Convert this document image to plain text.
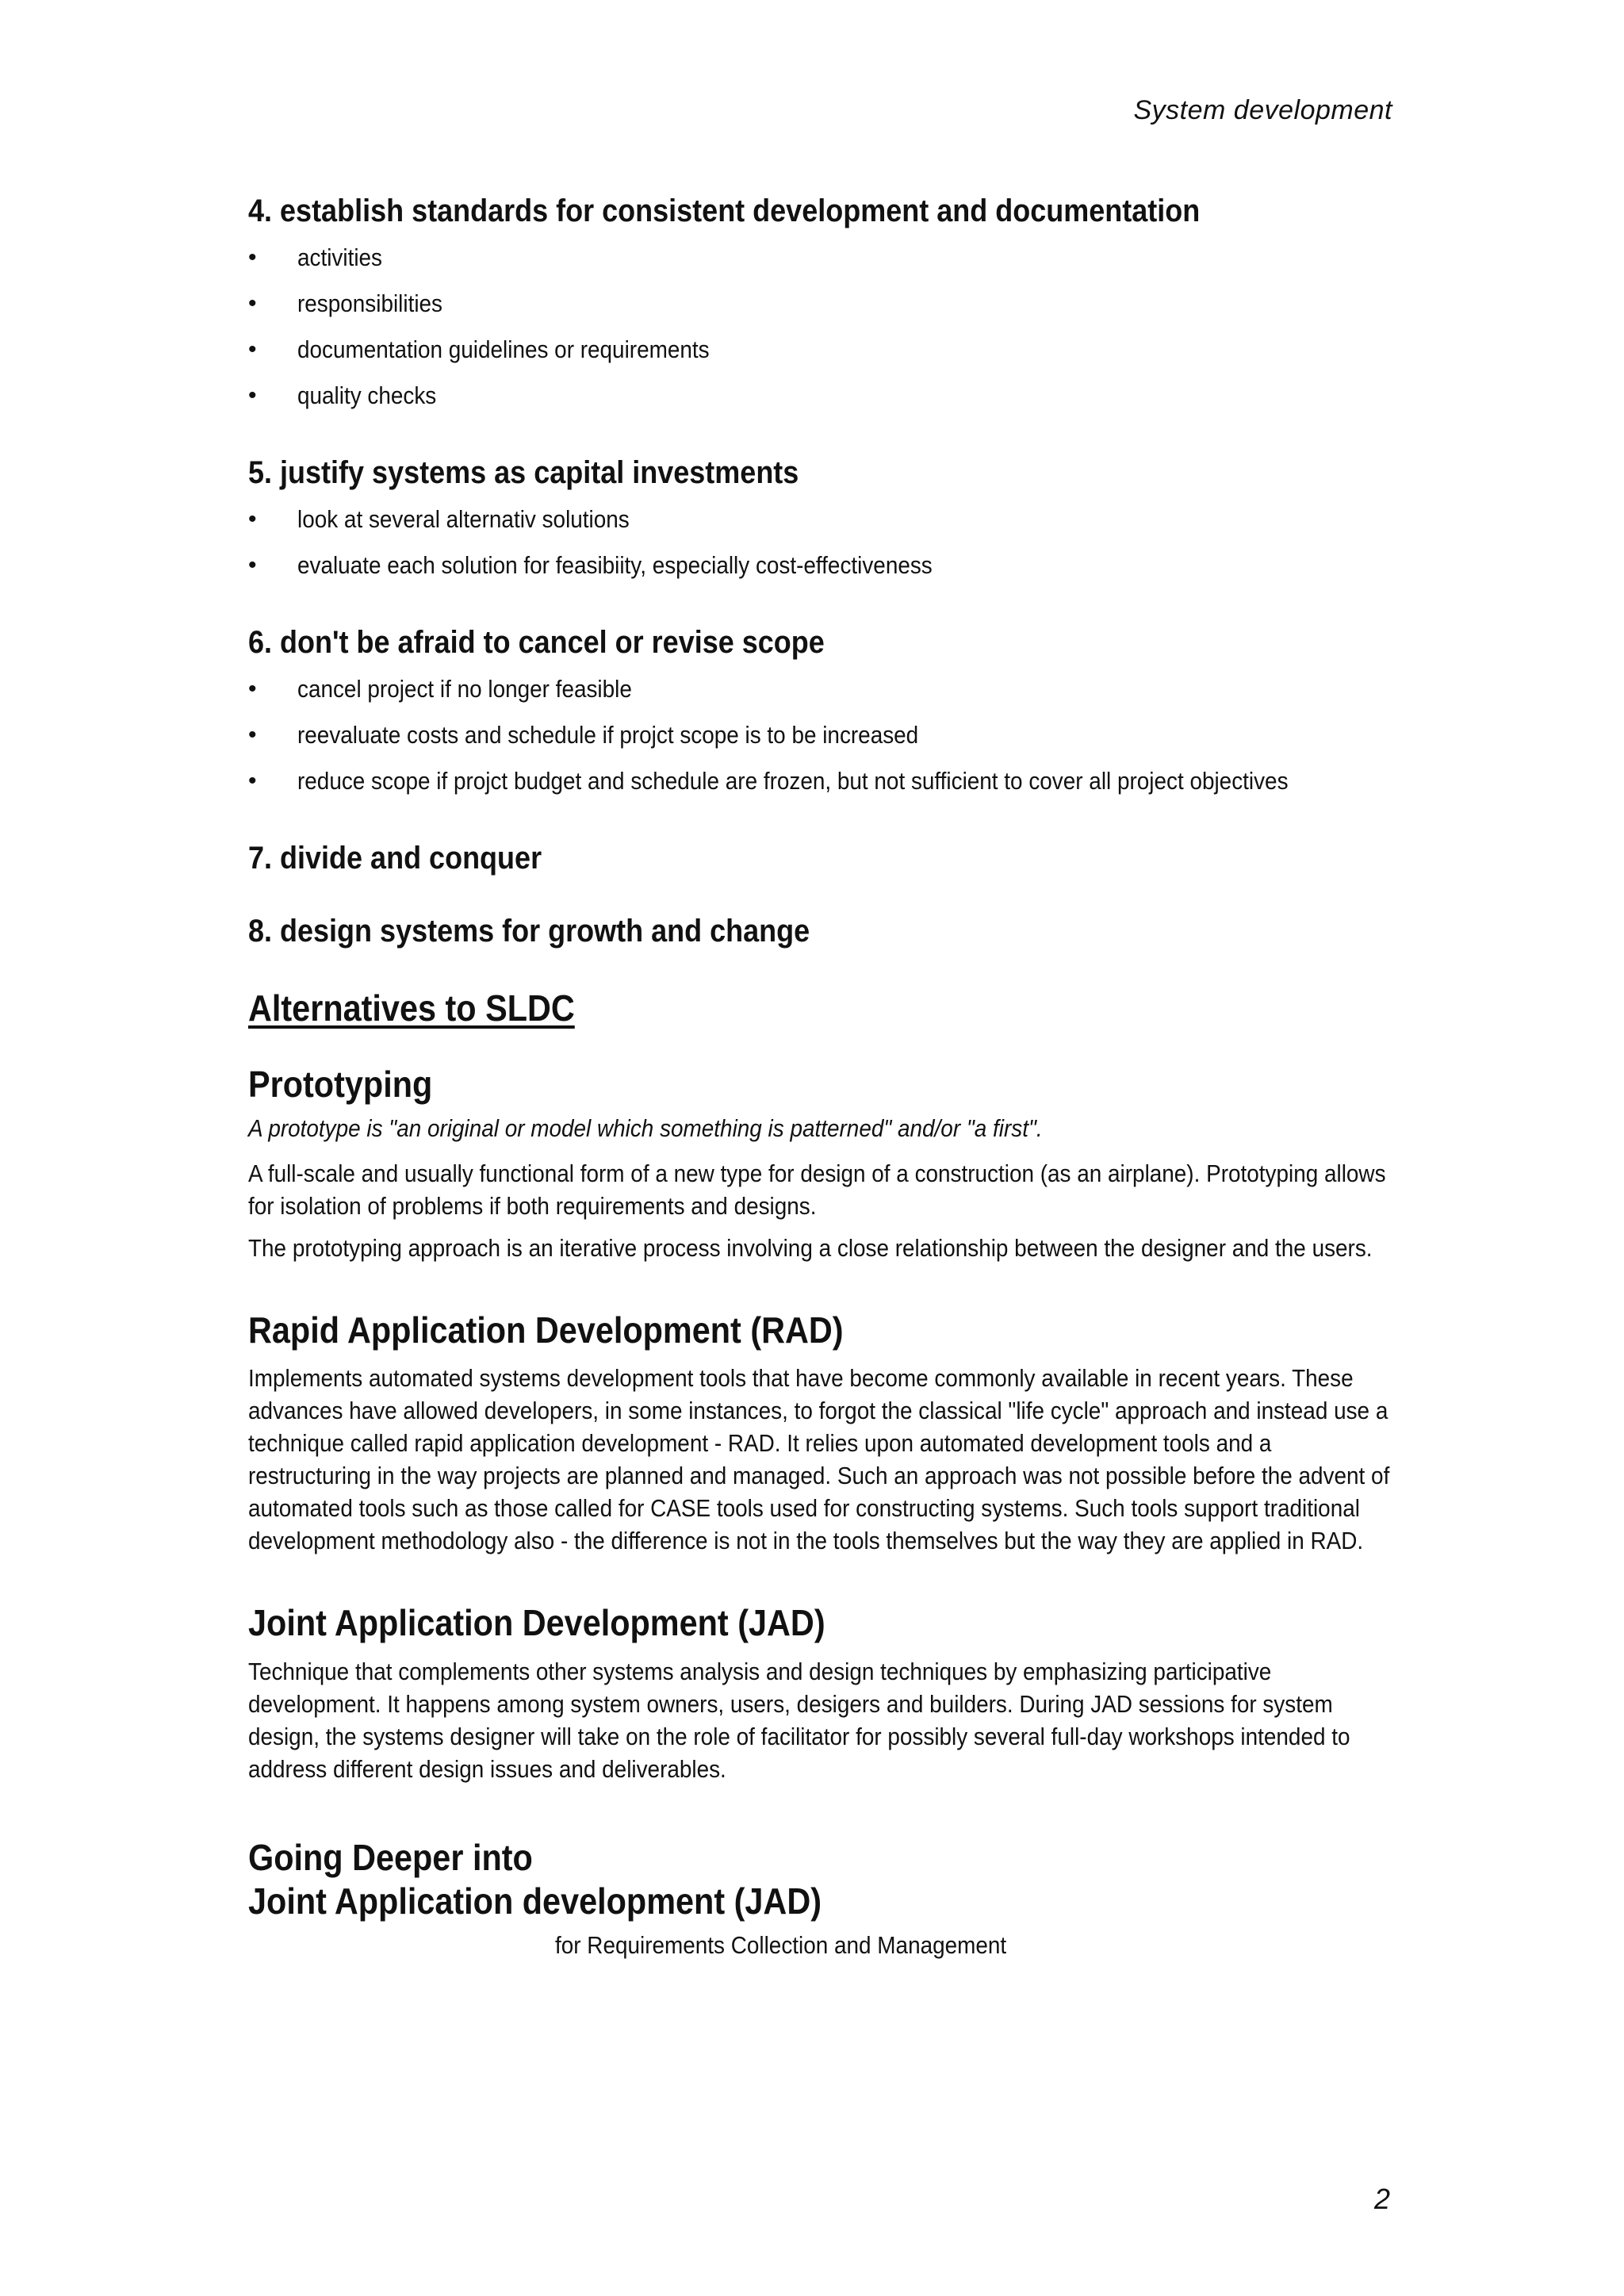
System development
4. establish standards for consistent development and documentation
• activities
• responsibilities
• documentation guidelines or requirements
• quality checks
5. justify systems as capital investments
• look at several alternativ solutions
• evaluate each solution for feasibiity, especially cost-effectiveness
6. don't be afraid to cancel or revise scope
• cancel project if no longer feasible
• reevaluate costs and schedule if projct scope is to be increased
• reduce scope if projct budget and schedule are frozen, but not sufficient to cover all project objectives
7. divide and conquer
8. design systems for growth and change
Alternatives to SLDC
Prototyping

A prototype is "an original or model which something is patterned" and/or "a first".

A full-scale and usually functional form of a new type for design of a construction (as an airplane). Prototyping allows for isolation of problems if both requirements and designs.

The prototyping approach is an iterative process involving a close relationship between the designer and the users.

Rapid Application Development (RAD)

Implements automated systems development tools that have become commonly available in recent years. These advances have allowed developers, in some instances, to forgot the classical "life cycle" approach and instead use a technique called rapid application development - RAD. It relies upon automated development tools and a restructuring in the way projects are planned and managed. Such an approach was not possible before the advent of automated tools such as those called for CASE tools used for constructing systems. Such tools support traditional development methodology also - the difference is not in the tools themselves but the way they are applied in RAD.

Joint Application Development (JAD)

Technique that complements other systems analysis and design techniques by emphasizing participative development. It happens among system owners, users, desigers and builders. During JAD sessions for system design, the systems designer will take on the role of facilitator for possibly several full-day workshops intended to address different design issues and deliverables.

Going Deeper into
Joint Application development (JAD)

for Requirements Collection and Management

2
